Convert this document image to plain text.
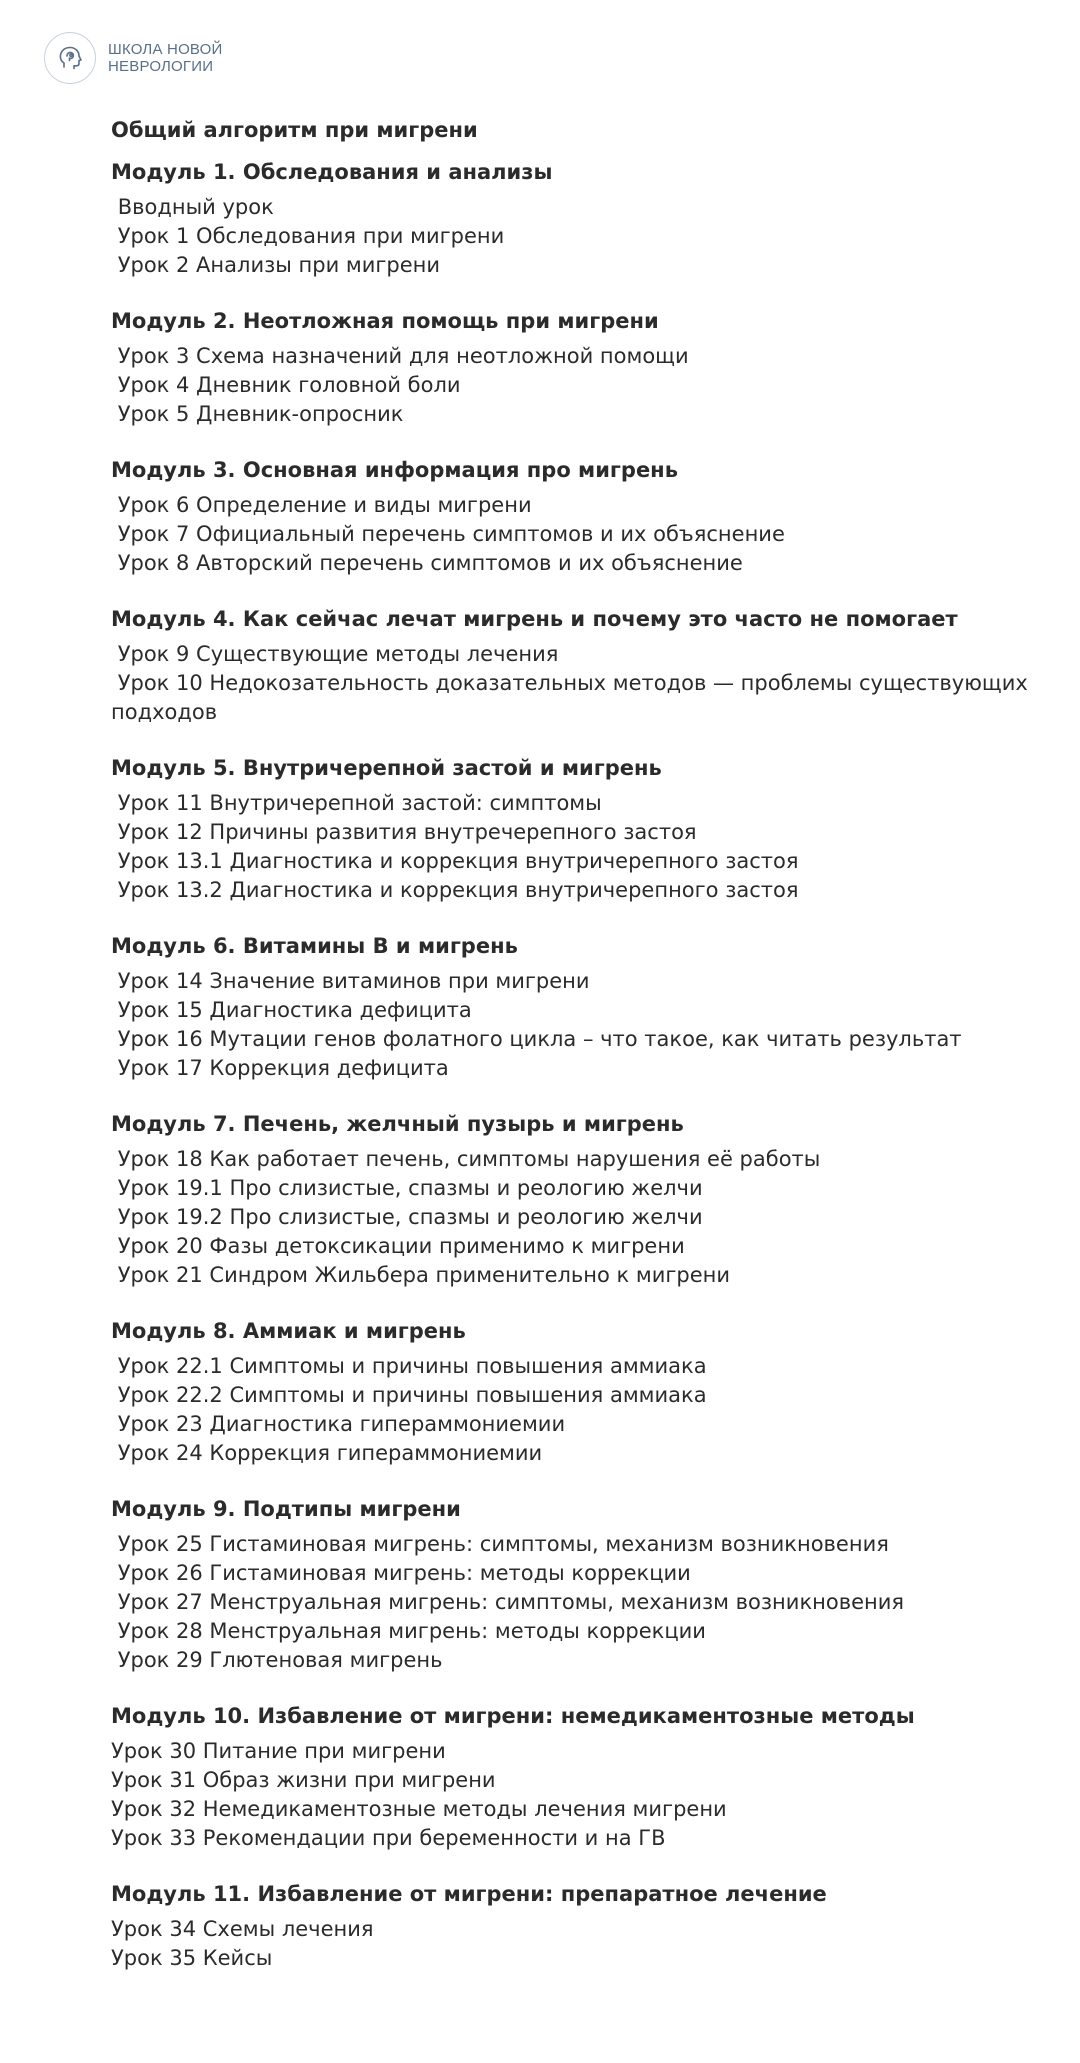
ШКОЛА НОВОЙ
НЕВРОЛОГИИ
Общий алгоритм при мигрени
Модуль 1. Обследования и анализы
Вводный урок
Урок 1 Обследования при мигрени
Урок 2 Анализы при мигрени
Модуль 2. Неотложная помощь при мигрени
Урок 3 Схема назначений для неотложной помощи
Урок 4 Дневник головной боли
Урок 5 Дневник-опросник
Модуль 3. Основная информация про мигрень
Урок 6 Определение и виды мигрени
Урок 7 Официальный перечень симптомов и их объяснение
Урок 8 Авторский перечень симптомов и их объяснение
Модуль 4. Как сейчас лечат мигрень и почему это часто не помогает
Урок 9 Существующие методы лечения
Урок 10 Недокозательность доказательных методов — проблемы существующих подходов
Модуль 5. Внутричерепной застой и мигрень
Урок 11 Внутричерепной застой: симптомы
Урок 12 Причины развития внутречерепного застоя
Урок 13.1 Диагностика и коррекция внутричерепного застоя
Урок 13.2 Диагностика и коррекция внутричерепного застоя
Модуль 6. Витамины В и мигрень
Урок 14 Значение витаминов при мигрени
Урок 15 Диагностика дефицита
Урок 16 Мутации генов фолатного цикла – что такое, как читать результат
Урок 17 Коррекция дефицита
Модуль 7. Печень, желчный пузырь и мигрень
Урок 18 Как работает печень, симптомы нарушения её работы
Урок 19.1 Про слизистые, спазмы и реологию желчи
Урок 19.2 Про слизистые, спазмы и реологию желчи
Урок 20 Фазы детоксикации применимо к мигрени
Урок 21 Синдром Жильбера применительно к мигрени
Модуль 8. Аммиак и мигрень
Урок 22.1 Симптомы и причины повышения аммиака
Урок 22.2 Симптомы и причины повышения аммиака
Урок 23 Диагностика гипераммониемии
Урок 24 Коррекция гипераммониемии
Модуль 9. Подтипы мигрени
Урок 25 Гистаминовая мигрень: симптомы, механизм возникновения
Урок 26 Гистаминовая мигрень: методы коррекции
Урок 27 Менструальная мигрень: симптомы, механизм возникновения
Урок 28 Менструальная мигрень: методы коррекции
Урок 29 Глютеновая мигрень
Модуль 10. Избавление от мигрени: немедикаментозные методы
Урок 30 Питание при мигрени
Урок 31 Образ жизни при мигрени
Урок 32 Немедикаментозные методы лечения мигрени
Урок 33 Рекомендации при беременности и на ГВ
Модуль 11. Избавление от мигрени: препаратное лечение
Урок 34 Схемы лечения
Урок 35 Кейсы
